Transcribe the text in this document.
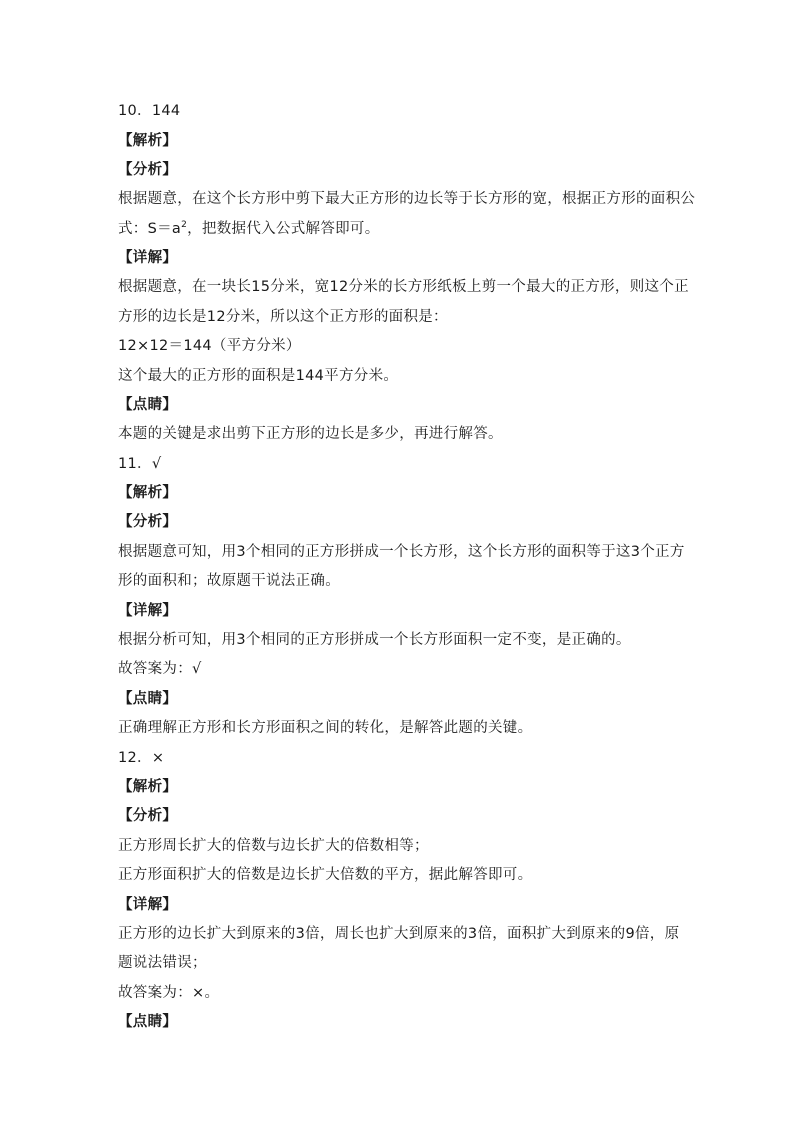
10．144
【解析】
【分析】
根据题意，在这个长方形中剪下最大正方形的边长等于长方形的宽，根据正方形的面积公
式：$S=a^2$，把数据代入公式解答即可。
【详解】
根据题意，在一块长15分米，宽12分米的长方形纸板上剪一个最大的正方形，则这个正
方形的边长是12分米，所以这个正方形的面积是：
12×12＝144（平方分米）
这个最大的正方形的面积是144平方分米。
【点睛】
本题的关键是求出剪下正方形的边长是多少，再进行解答。
11．√
【解析】
【分析】
根据题意可知，用3个相同的正方形拼成一个长方形，这个长方形的面积等于这3个正方
形的面积和；故原题干说法正确。
【详解】
根据分析可知，用3个相同的正方形拼成一个长方形面积一定不变，是正确的。
故答案为：√
【点睛】
正确理解正方形和长方形面积之间的转化，是解答此题的关键。
12．×
【解析】
【分析】
正方形周长扩大的倍数与边长扩大的倍数相等；
正方形面积扩大的倍数是边长扩大倍数的平方，据此解答即可。
【详解】
正方形的边长扩大到原来的3倍，周长也扩大到原来的3倍，面积扩大到原来的9倍，原
题说法错误；
故答案为：×。
【点睛】
